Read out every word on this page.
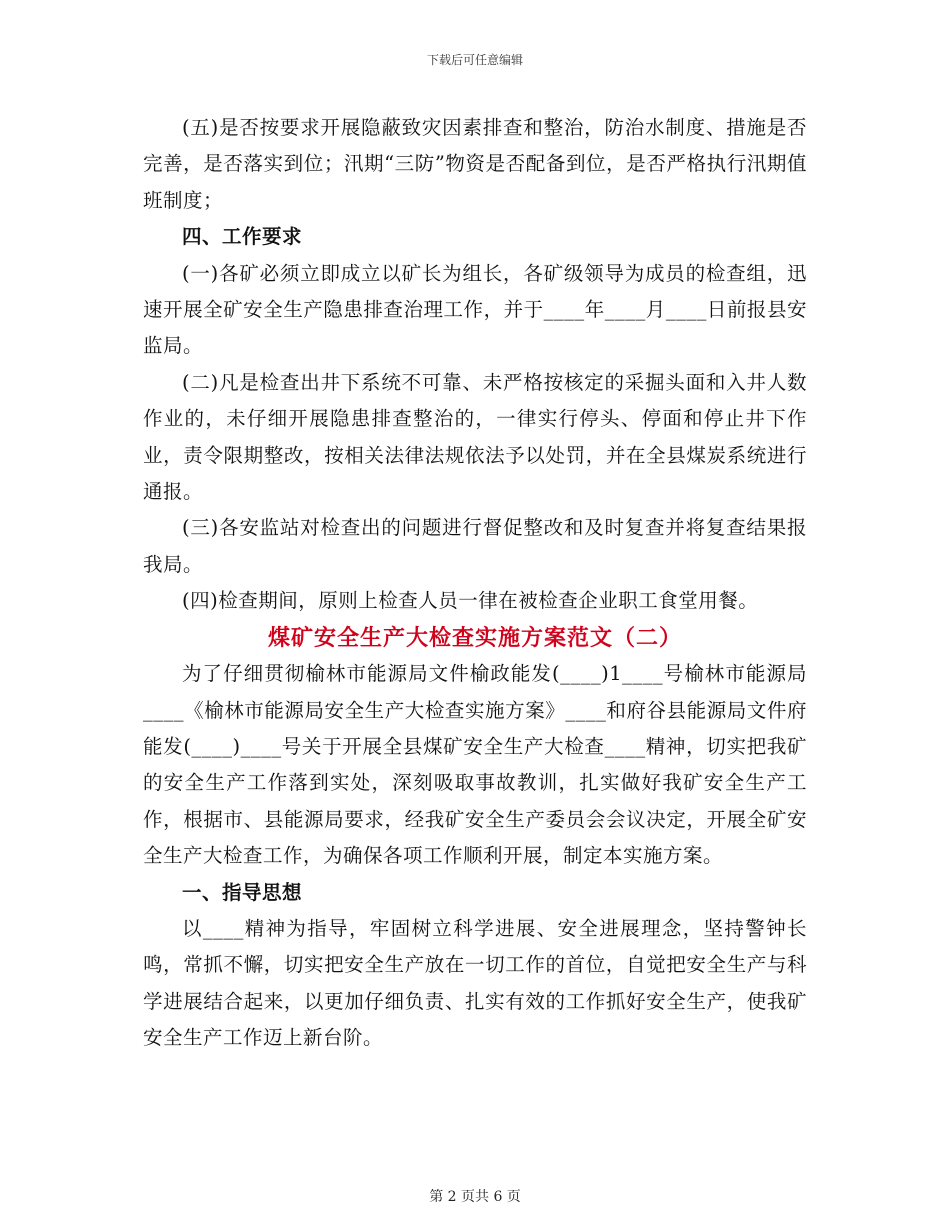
下载后可任意编辑

(五)是否按要求开展隐蔽致灾因素排查和整治，防治水制度、措施是否完善，是否落实到位；汛期“三防”物资是否配备到位，是否严格执行汛期值班制度；

四、工作要求

(一)各矿必须立即成立以矿长为组长，各矿级领导为成员的检查组，迅速开展全矿安全生产隐患排查治理工作，并于____年____月____日前报县安监局。

(二)凡是检查出井下系统不可靠、未严格按核定的采掘头面和入井人数作业的，未仔细开展隐患排查整治的，一律实行停头、停面和停止井下作业，责令限期整改，按相关法律法规依法予以处罚，并在全县煤炭系统进行通报。

(三)各安监站对检查出的问题进行督促整改和及时复查并将复查结果报我局。

(四)检查期间，原则上检查人员一律在被检查企业职工食堂用餐。

煤矿安全生产大检查实施方案范文（二）

为了仔细贯彻榆林市能源局文件榆政能发(____)1____号榆林市能源局____《榆林市能源局安全生产大检查实施方案》____和府谷县能源局文件府能发(____)____号关于开展全县煤矿安全生产大检查____精神，切实把我矿的安全生产工作落到实处，深刻吸取事故教训，扎实做好我矿安全生产工作，根据市、县能源局要求，经我矿安全生产委员会会议决定，开展全矿安全生产大检查工作，为确保各项工作顺利开展，制定本实施方案。

一、指导思想

以____精神为指导，牢固树立科学进展、安全进展理念，坚持警钟长鸣，常抓不懈，切实把安全生产放在一切工作的首位，自觉把安全生产与科学进展结合起来，以更加仔细负责、扎实有效的工作抓好安全生产，使我矿安全生产工作迈上新台阶。

第 2 页共 6 页
